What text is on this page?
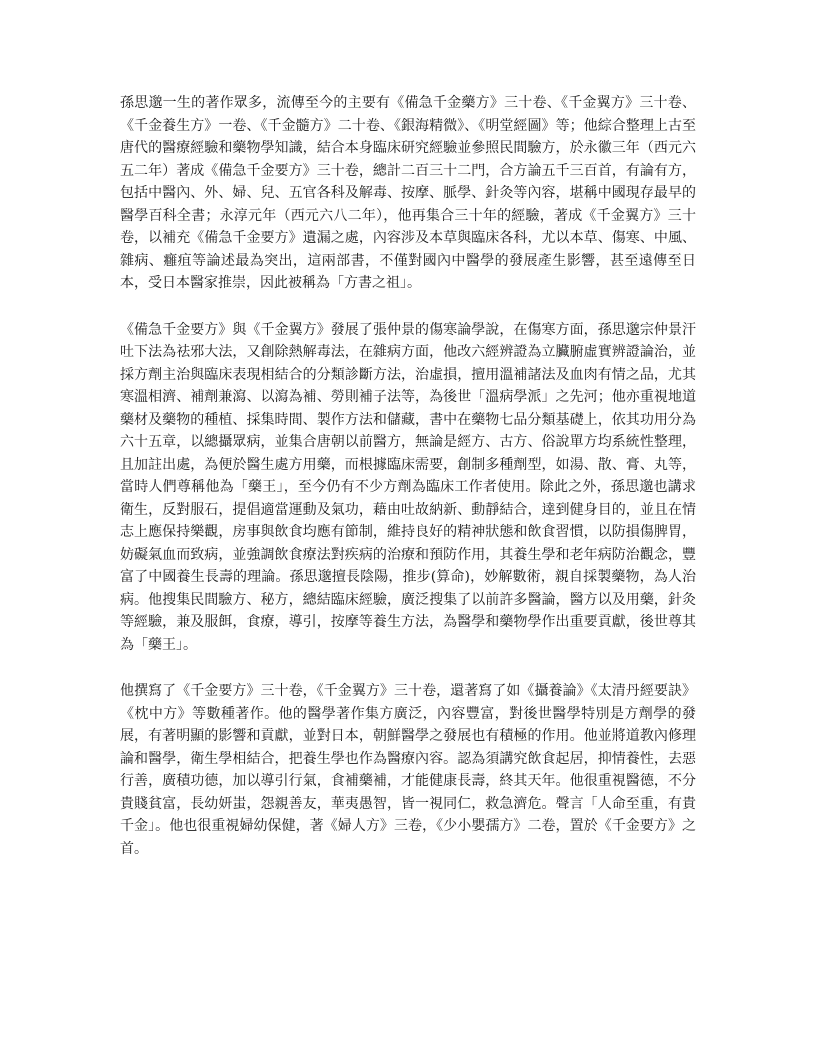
孫思邈一生的著作眾多，流傳至今的主要有《備急千金藥方》三十卷、《千金翼方》三十卷、《千金養生方》一卷、《千金髓方》二十卷、《銀海精微》、《明堂經圖》等；他綜合整理上古至唐代的醫療經驗和藥物學知識，結合本身臨床研究經驗並參照民間驗方，於永徽三年（西元六五二年）著成《備急千金要方》三十卷，總計二百三十二門，合方論五千三百首，有論有方，包括中醫內、外、婦、兒、五官各科及解毒、按摩、脈學、針灸等內容，堪稱中國現存最早的醫學百科全書；永淳元年（西元六八二年），他再集合三十年的經驗，著成《千金翼方》三十卷，以補充《備急千金要方》遺漏之處，內容涉及本草與臨床各科，尤以本草、傷寒、中風、雜病、癰疽等論述最為突出，這兩部書，不僅對國內中醫學的發展產生影響，甚至遠傳至日本，受日本醫家推崇，因此被稱為「方書之祖」。

《備急千金要方》與《千金翼方》發展了張仲景的傷寒論學說，在傷寒方面，孫思邈宗仲景汗吐下法為祛邪大法，又創除熱解毒法，在雜病方面，他改六經辨證為立臟腑虛實辨證論治，並採方劑主治與臨床表現相結合的分類診斷方法，治虛損，擅用溫補諸法及血肉有情之品，尤其寒溫相濟、補劑兼瀉、以瀉為補、勞則補子法等，為後世「溫病學派」之先河；他亦重視地道藥材及藥物的種植、採集時間、製作方法和儲藏，書中在藥物七品分類基礎上，依其功用分為六十五章，以總攝眾病，並集合唐朝以前醫方，無論是經方、古方、俗說單方均系統性整理，且加註出處，為便於醫生處方用藥，而根據臨床需要，創制多種劑型，如湯、散、膏、丸等，當時人們尊稱他為「藥王」，至今仍有不少方劑為臨床工作者使用。除此之外，孫思邈也講求衛生，反對服石，提倡適當運動及氣功，藉由吐故納新、動靜結合，達到健身目的，並且在情志上應保持樂觀，房事與飲食均應有節制，維持良好的精神狀態和飲食習慣，以防損傷脾胃，妨礙氣血而致病，並強調飲食療法對疾病的治療和預防作用，其養生學和老年病防治觀念，豐富了中國養生長壽的理論。孫思邈擅長陰陽，推步(算命)，妙解數術，親自採製藥物，為人治病。他搜集民間驗方、秘方，總結臨床經驗，廣泛搜集了以前許多醫論，醫方以及用藥，針灸等經驗，兼及服餌，食療，導引，按摩等養生方法，為醫學和藥物學作出重要貢獻，後世尊其為「藥王」。

他撰寫了《千金要方》三十卷，《千金翼方》三十卷，還著寫了如《攝養論》《太清丹經要訣》《枕中方》等數種著作。他的醫學著作集方廣泛，內容豐富，對後世醫學特別是方劑學的發展，有著明顯的影響和貢獻，並對日本，朝鮮醫學之發展也有積極的作用。他並將道教內修理論和醫學，衛生學相結合，把養生學也作為醫療內容。認為須講究飲食起居，抑情養性，去惡行善，廣積功德，加以導引行氣，食補藥補，才能健康長壽，終其天年。他很重視醫德，不分貴賤貧富，長幼妍蚩，怨親善友，華夷愚智，皆一視同仁，救急濟危。聲言「人命至重，有貴千金」。他也很重視婦幼保健，著《婦人方》三卷，《少小嬰孺方》二卷，置於《千金要方》之首。
